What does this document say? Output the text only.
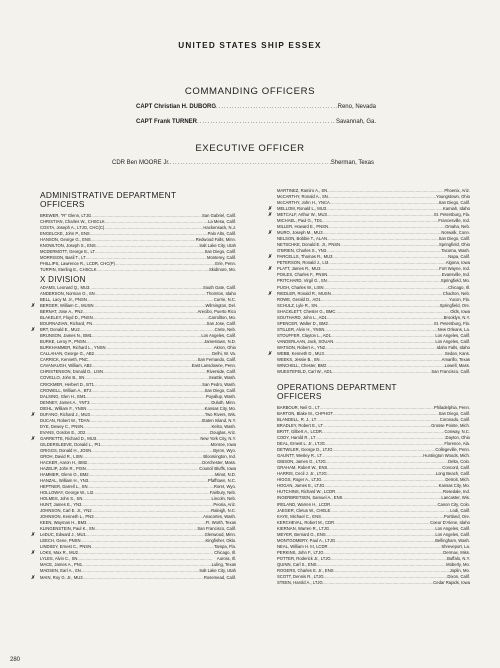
UNITED STATES SHIP ESSEX
COMMANDING OFFICERS
CAPT Christian H. DUBORG .....	Reno, Nevada
CAPT Frank TURNER .....	Savannah, Ga.
EXECUTIVE OFFICER
CDR Ben MOORE Jr. .....	Sherman, Texas
ADMINISTRATIVE DEPARTMENT
OFFICERS
BREWER, "R" Glenn, LTJG .....	San Gabriel, Calif.
CHRISTIAN, Charles W., CHSCLK .....	La Mesa, Calif.
COSTA, Joseph A., LTJG, CHC(C) .....	Hackensack, N.J.
ENGELCKE, John P., ENS .....	Palo Alto, Calif.
HANSON, George G., ENS .....	Redwood Falls, Minn.
KNOWLTON, Joseph S., ENS .....	Salt Lake City, Utah
MCDERMOTT, George E., LT .....	San Diego, Calif.
MORRISON, Basil T., LT .....	Monterey, Calif.
PHILLIPS, Lawrence R., LCDR, CHC(P) .....	Erie, Penn.
TURPIN, Sterling E., CHSCLK .....	Skidmore, Mo.
X DIVISION
ADAMS, Leonard Q., MU3 .....	South Gate, Calif.
ANDERSON, Norman O., SN .....	Thornton, Idaho
BELL, Lacy M. Jr., PNSN .....	Currie, N.C.
✗ BERGER, William C., MUSN .....	Wilmington, Del.
BERNAT, Jose A., PN2 .....	Arecibo, Puerto Rico
BLAKELEY, Floyd D., PNSN .....	Carrollton, Mo.
BOURNAZIAN, Richard, FN .....	San Jose, Calif.
✗ BRT, Donald E., MU2 .....	Crete, Neb.
BRUNSON, James N., BM1 .....	Los Angeles, Calif.
BURKE, Leroy P., PNSN .....	Jamestown, N.D.
BURKHAMMER, Richard L., YNSN .....	Akron, Ohio
CALLAHAN, George G., AB2 .....	Delhi, W. Va.
CARRICK, Kenneth, PNC .....	San Fernando, Calif.
CAVANAUGH, William, AB2 .....	East Lansdowne, Penn.
CHRISTENSON, Donald D., LISN .....	Riverside, Calif.
COVELLO, John B., SN .....	Seattle, Wash.
CRICKMER, Herbert D., BT1 .....	San Pedro, Wash.
CROWELL, William A., BT2 .....	San Diego, Calif.
DALSING, Glen H., EM1 .....	Puyallup, Wash.
DENNEY, James A., YNT3 .....	Duluth, Minn.
DIEHL, William F., YNSN .....	Kansas City, Mo.
✗ DUFANO, Richard J., MU3 .....	Two Rivers, Wis.
DUCAN, Robert W., TDAN .....	Staten Island, N.Y.
DYE, Dewey C., PNSN .....	Kelso, Wash.
EVANS, Gordon E., JO2 .....	Douglas, Ariz.
✗ GARRETTE, Richard D., MU3 .....	New York City, N.Y.
GILDERSLEEVE, Donald L., PI1 .....	Monroe, Iowa
GRIGGS, Donald H., JOSN .....	Byron, Wyo.
GROH, David R., LISN .....	Bloomington, Ind.
HACKER, Aaron H., BM2 .....	Dorchester, Mass.
HAZELIP, John R., PISN .....	Council Bluffs, Iowa
HAMMER, Glenn O., BM2 .....	Minot, N.D.
HANZAL, William H., YN3 .....	Pfafftown, N.C.
HEPTNER, Darrell L., SN .....	Roret, Wyo.
HOLLOWAY, George W., LI2 .....	Fairbury, Neb.
HOLMES, John S., SN .....	Lincoln, Neb.
HUNT, James E., YN3 .....	Peoria, Ariz.
JOHNSON, Carl E. Jr., YN2 .....	Raleigh, N.C.
JOHNSON, Kenneth L., PN3 .....	Anacortes, Wash.
KEEN, Wayman H., BM3 .....	Ft. Worth, Texas
KLINGENSTEIN, Paul K., SN .....	San Francisco, Calif.
✗ LeDUC, Edward J., MU1 .....	Glenwood, Minn.
LEECH, Gene, PNSN .....	Kingfisher, Okla.
LINDSEY, Ernest C., PNSN .....	Tampa, Fla.
✗ LOKS, Max R., MU2 .....	Chicago, Ill.
LYLES, Alvin C., SN .....	Aurora, Ill.
MACE, James A., PN1 .....	Luling, Texas
MADSEN, Earl A., SN .....	Salt Lake City, Utah
✗ MAIN, Roy G. Jr., MU3 .....	Rosemead, Calif.
MARTINEZ, Ramiro A., SN .....	Phoenix, Ariz.
McCARTHY, Ronald A., SN .....	Youngstown, Ohio
McCARTHY, John H., YNCA .....	San Diego, Calif.
✗ MELLOM, Ronald L., MU3 .....	Kamiah, Idaho
✗ METCALF, Arthur W., MU3 .....	St. Petersburg, Fla.
MICHAEL, Paul G., TD1 .....	Francesville, Ind.
MILLER, Howard E., PNSN .....	Omaha, Neb.
✗ MURO, Joseph M., MU3 .....	Norwalk, Conn.
NELSON, Bobbie T., ALAN .....	San Diego, Calif.
NETSCHKE, Donald E. Jr., PNSN .....	Springfield, Ohio
O'BRIEN, Charles S., YN3 .....	Tacoma, Wash.
✗ PARCELLS, Thomas R., MU3 .....	Napa, Calif.
PETERSON, Ronald J., LI3 .....	Algona, Iowa
✗ PLATT, James R., MU3 .....	Fort Wayne, Ind.
POILES, Charles F., PNSN .....	Evansville, Ind.
PRITCHARD, Virgil G., SN .....	Springfield, Mo.
PUGH, Charles W., LISN .....	Chicago, Ill.
✗ RIEDLER, Ronald R., MUSN .....	Chadron, Neb.
ROWE, Gerald D., AO1 .....	Yucon, Fla.
SCHULZ, Lyle R., SN .....	Springfield, Ore.
SHACKLETT, Chester G., BMC .....	Olds, Iowa
SOUTHARD, John L., AD1 .....	Brooklyn, N.Y.
SPENCER, Walter D., BM2 .....	St. Petersburg, Fla.
STILLER, Alvin H., YNSN .....	New Orleans, La.
STOUFFER, Clayton L., AD1 .....	Los Angeles, Calif.
VANDERLAAN, Jack, SOUAN .....	Los Angeles, Calif.
WATSON, Robert A., YN2 .....	Idaho Falls, Idaho
✗ WEBB, Kenneth D., MU3 .....	Sedan, Kans.
WEEKS, Jessie B., SN .....	Amarillo, Texas
WINCHELL, Chester, BM2 .....	Lowell, Mass.
WUESTEFELD, Carl W., AD1 .....	San Francisco, Calif.
OPERATIONS DEPARTMENT
OFFICERS
BARBOUR, Neil G., LT .....	Philadelphia, Penn.
BARTON, Blake M., CHPHOT .....	San Diego, Calif.
BLANDELL, R. J., LT .....	Coronado, Calif.
BRADLEY, Robert E., LT .....	Grosse Pointe, Mich.
BRITT, Gilbert A., LCDR .....	Conway, N.C.
CODY, Harold R., LT .....	Dayton, Ohio
DEAL, Ernest L. Jr., LTJG .....	Florence, Ala.
DETWILER, George D., LTJG .....	Collegeville, Penn.
GAUNTT, Wesley R., LT .....	Huntington Woods, Mich.
GIBSON, James G., LTJG .....	Delta, Colo.
GRAHAM, Robert W., ENS .....	Concord, Calif.
HARRIS, Cecil J. Jr., LTJG .....	Long Beach, Calif.
HIGGS, Roger A., LTJG .....	Detroit, Mich.
HOGAN, James E., LTJG .....	Kansas City, Mo.
HUTCHINS, Richard W., LCDR .....	Rosedale, Ind.
INGERBRETSEN, Samuel A., ENS .....	Lancaster, Wis.
IRELAND, Warren H., LCDR .....	Canon City, Colo.
JAEGER, Cletus W., CHELE .....	Lodi, Calif.
KAYE, Michael C., ENS .....	Portland, Ore.
KERCHEVAL, Robert M., CDR .....	Coeur D'Alene, Idaho
KIERNAN, Warren R., LTJG .....	Los Angeles, Calif.
MEYER, Bernard G., ENS .....	Los Angeles, Calif.
MONTGOMERY, Paul A., LTJG .....	Bellingham, Wash.
NEAL, William H. III, LCDR .....	Shreveport, La.
PERKINS, John F., LTJG .....	Dermax, Miss.
POTTER, Roderick Jr., LTJG .....	Buffalo, N.Y.
QUINN, Carl S., ENS .....	Moberly, Mo.
ROGERS, Charles E. Jr., ENS .....	Joplin, Mo.
SCOTT, Dennis R., LTJG .....	Dixon, Calif.
STEEN, Harold A., LTJG .....	Cedar Rapids, Iowa
280
